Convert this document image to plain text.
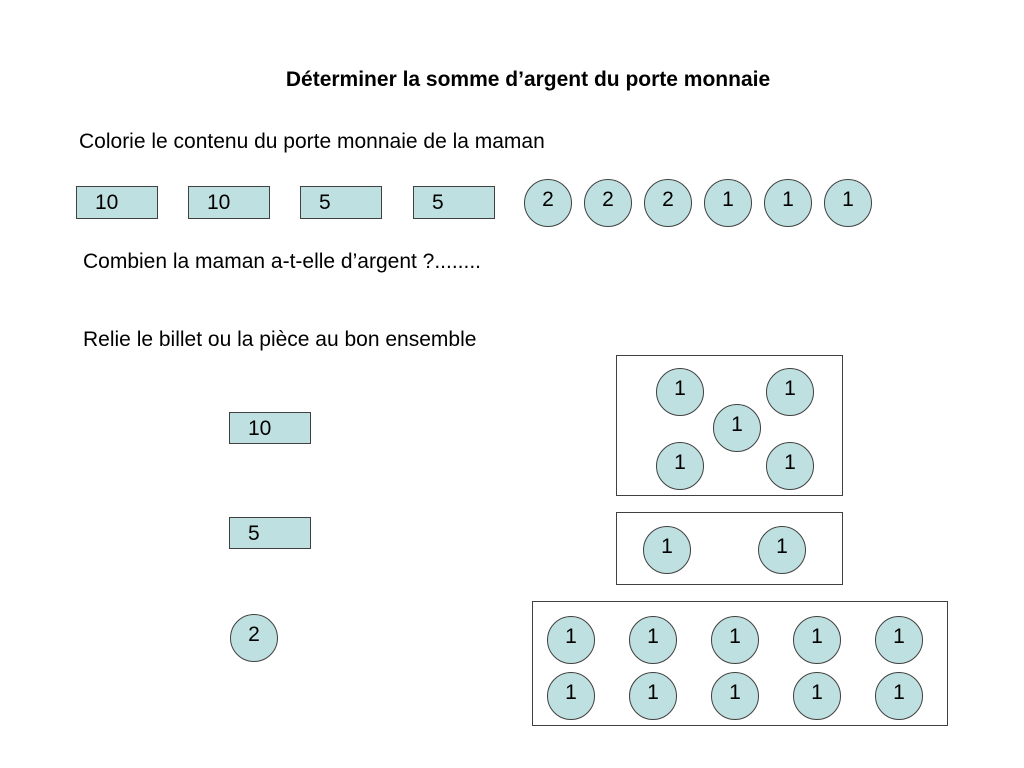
Déterminer la somme d’argent du porte monnaie
Colorie le contenu du porte monnaie de la maman
10	10	5	5	2	2	2	1	1	1
Combien la maman a-t-elle d’argent ?........
Relie le billet ou la pièce au bon ensemble
10
5
2
1	1
1
1	1
1	1
1	1	1	1	1
1	1	1	1	1
